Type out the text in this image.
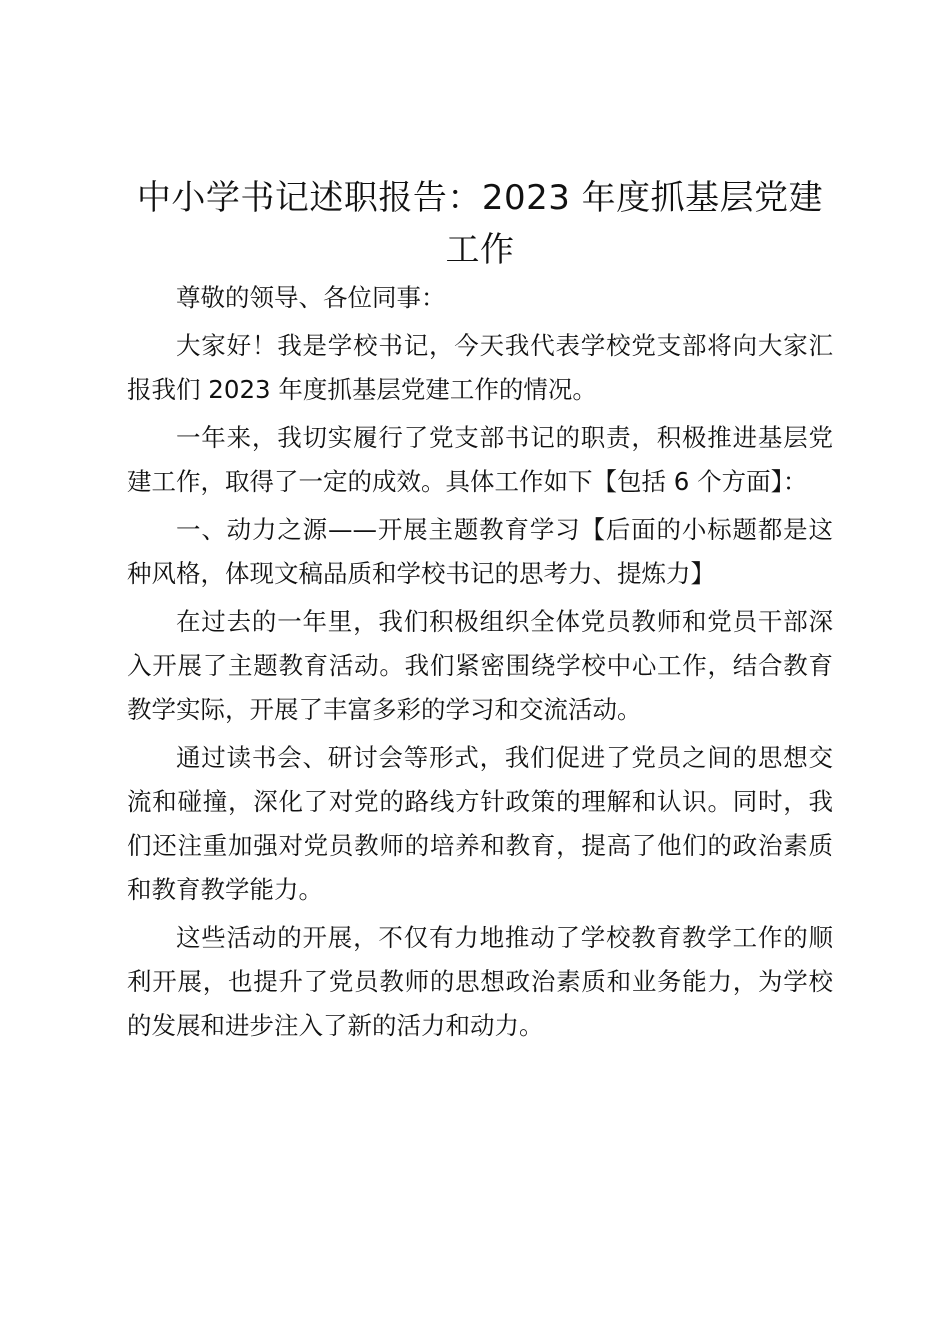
中小学书记述职报告：2023 年度抓基层党建工作

尊敬的领导、各位同事：

大家好！我是学校书记，今天我代表学校党支部将向大家汇报我们 2023 年度抓基层党建工作的情况。

一年来，我切实履行了党支部书记的职责，积极推进基层党建工作，取得了一定的成效。具体工作如下【包括 6 个方面】：

一、动力之源——开展主题教育学习【后面的小标题都是这种风格，体现文稿品质和学校书记的思考力、提炼力】

在过去的一年里，我们积极组织全体党员教师和党员干部深入开展了主题教育活动。我们紧密围绕学校中心工作，结合教育教学实际，开展了丰富多彩的学习和交流活动。

通过读书会、研讨会等形式，我们促进了党员之间的思想交流和碰撞，深化了对党的路线方针政策的理解和认识。同时，我们还注重加强对党员教师的培养和教育，提高了他们的政治素质和教育教学能力。

这些活动的开展，不仅有力地推动了学校教育教学工作的顺利开展，也提升了党员教师的思想政治素质和业务能力，为学校的发展和进步注入了新的活力和动力。
